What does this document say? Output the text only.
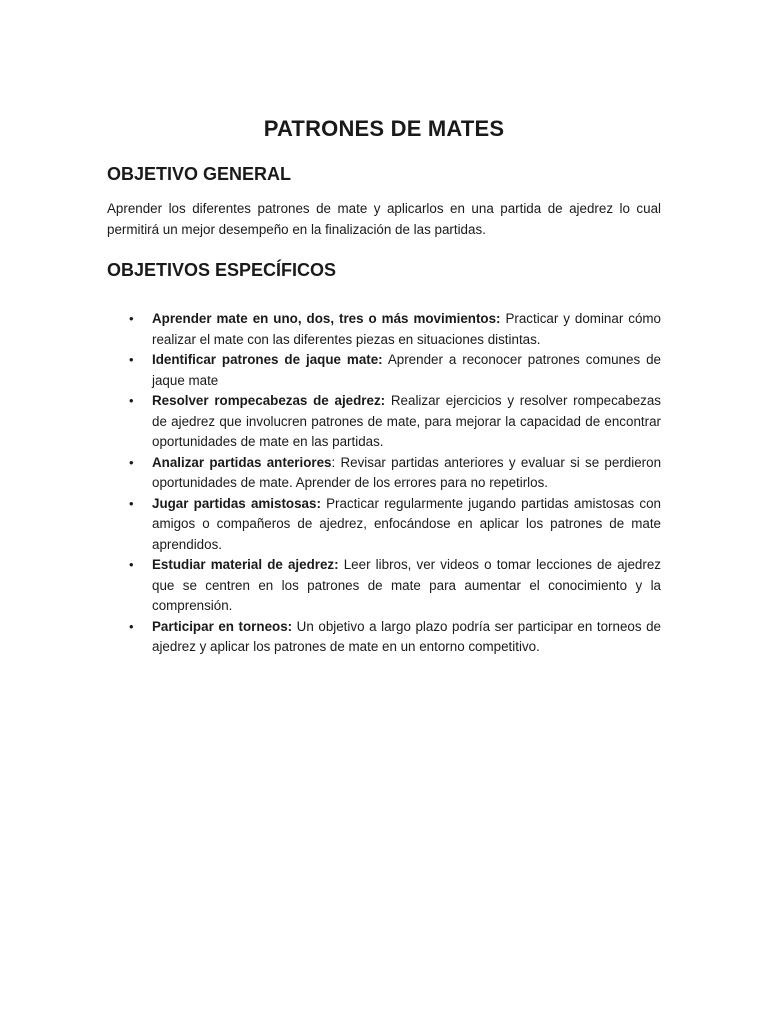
PATRONES DE MATES
OBJETIVO GENERAL

Aprender los diferentes patrones de mate y aplicarlos en una partida de ajedrez lo cual permitirá un mejor desempeño en la finalización de las partidas.

OBJETIVOS ESPECÍFICOS
• Aprender mate en uno, dos, tres o más movimientos: Practicar y dominar cómo realizar el mate con las diferentes piezas en situaciones distintas.
• Identificar patrones de jaque mate: Aprender a reconocer patrones comunes de jaque mate
• Resolver rompecabezas de ajedrez: Realizar ejercicios y resolver rompecabezas de ajedrez que involucren patrones de mate, para mejorar la capacidad de encontrar oportunidades de mate en las partidas.
• Analizar partidas anteriores: Revisar partidas anteriores y evaluar si se perdieron oportunidades de mate. Aprender de los errores para no repetirlos.
• Jugar partidas amistosas: Practicar regularmente jugando partidas amistosas con amigos o compañeros de ajedrez, enfocándose en aplicar los patrones de mate aprendidos.
• Estudiar material de ajedrez: Leer libros, ver videos o tomar lecciones de ajedrez que se centren en los patrones de mate para aumentar el conocimiento y la comprensión.
• Participar en torneos: Un objetivo a largo plazo podría ser participar en torneos de ajedrez y aplicar los patrones de mate en un entorno competitivo.
